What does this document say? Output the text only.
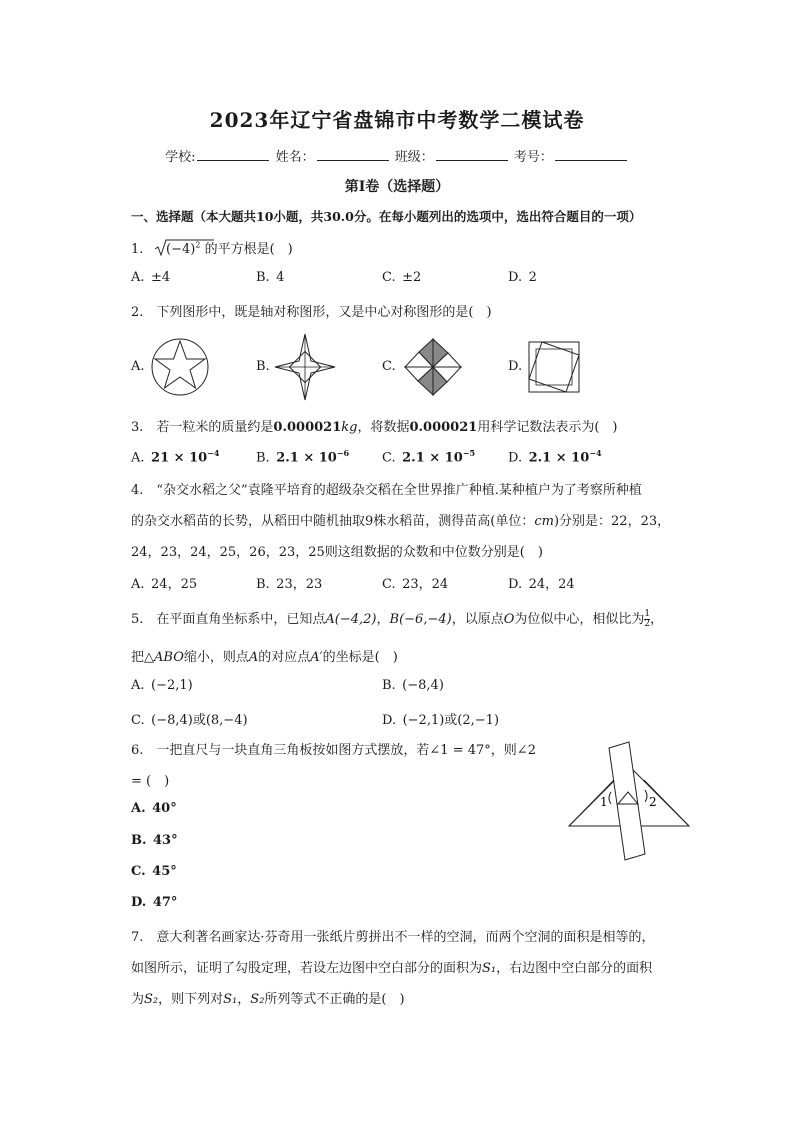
2023年辽宁省盘锦市中考数学二模试卷
学校:	姓名：	班级：	考号：
第Ⅰ卷（选择题）
一、选择题（本大题共10小题，共30.0分。在每小题列出的选项中，选出符合题目的一项）
1.  $(-4)^2$ 的平方根是(　)
A. ±4	B. 4	C. ±2	D. 2
2. 下列图形中，既是轴对称图形，又是中心对称图形的是(　)
A.	B.	C.	D.
3. 若一粒米的质量约是0.000021kg，将数据0.000021用科学记数法表示为(　)
A.  $21 \times 10^{-4}$	B.  $2.1 \times 10^{-6}$	C.  $2.1 \times 10^{-5}$	D.  $2.1 \times 10^{-4}$
4. “杂交水稻之父”袁隆平培育的超级杂交稻在全世界推广种植.某种植户为了考察所种植
的杂交水稻苗的长势，从稻田中随机抽取9株水稻苗，测得苗高(单位：cm)分别是：22，23，
24，23，24，25，26，23，25则这组数据的众数和中位数分别是(　)
A. 24，25	B. 23，23	C. 23，24	D. 24，24
5. 在平面直角坐标系中，已知点A(−4,2)，B(−6,−4)，以原点O为位似中心，相似比为 $\frac{1}{2}$ ，
把△ABO缩小，则点A的对应点A′的坐标是(　)
A. (−2,1)	B. (−8,4)
C. (−8,4)或(8,−4)	D. (−2,1)或(2,−1)
6. 一把直尺与一块直角三角板按如图方式摆放，若∠1 = 47°，则∠2
= (　)
A. 40°
B. 43°
C. 45°
D. 47°
1	2
7. 意大利著名画家达·芬奇用一张纸片剪拼出不一样的空洞，而两个空洞的面积是相等的，
如图所示，证明了勾股定理，若设左边图中空白部分的面积为S₁，右边图中空白部分的面积
为S₂，则下列对S₁，S₂所列等式不正确的是(　)
